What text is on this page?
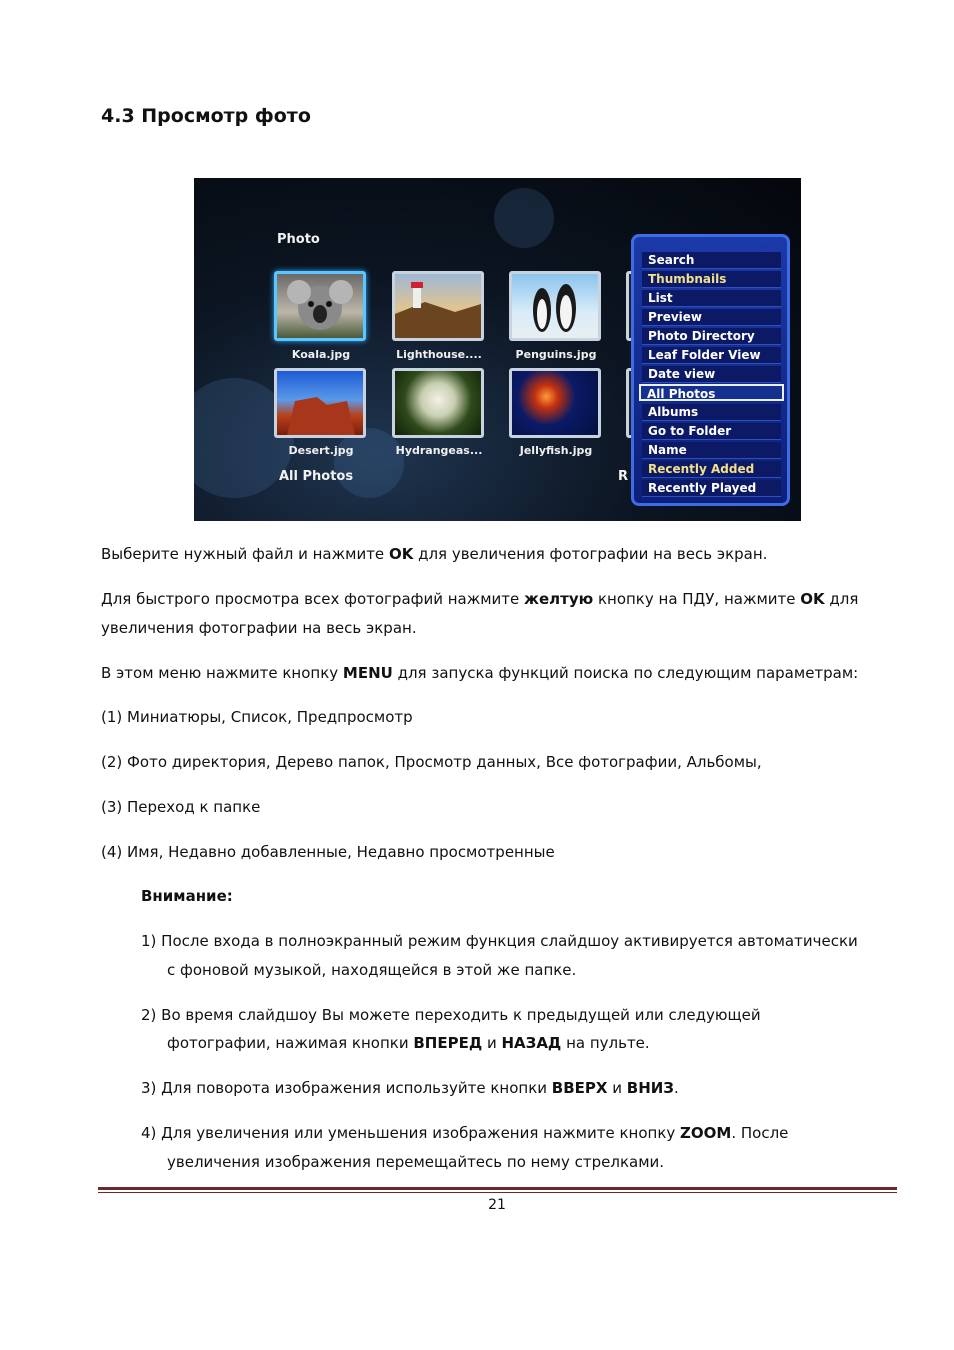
4.3 Просмотр фото
Photo
Koala.jpg	Lighthouse....	Penguins.jpg
Desert.jpg	Hydrangeas...	Jellyfish.jpg
All Photos	R
Search
Thumbnails
List
Preview
Photo Directory
Leaf Folder View
Date view
All Photos
Albums
Go to Folder
Name
Recently Added
Recently Played
Выберите нужный файл и нажмите OK для увеличения фотографии на весь экран.
Для быстрого просмотра всех фотографий нажмите желтую кнопку на ПДУ, нажмите OK для
увеличения фотографии на весь экран.
В этом меню нажмите кнопку MENU для запуска функций поиска по следующим параметрам:
(1) Миниатюры, Список, Предпросмотр
(2) Фото директория, Дерево папок, Просмотр данных, Все фотографии, Альбомы,
(3) Переход к папке
(4) Имя, Недавно добавленные, Недавно просмотренные
Внимание:
1) После входа в полноэкранный режим функция слайдшоу активируется автоматически
с фоновой музыкой, находящейся в этой же папке.
2) Во время слайдшоу Вы можете переходить к предыдущей или следующей
фотографии, нажимая кнопки ВПЕРЕД и НАЗАД на пульте.
3) Для поворота изображения используйте кнопки ВВЕРХ и ВНИЗ.
4) Для увеличения или уменьшения изображения нажмите кнопку ZOOM. После
увеличения изображения перемещайтесь по нему стрелками.
21
